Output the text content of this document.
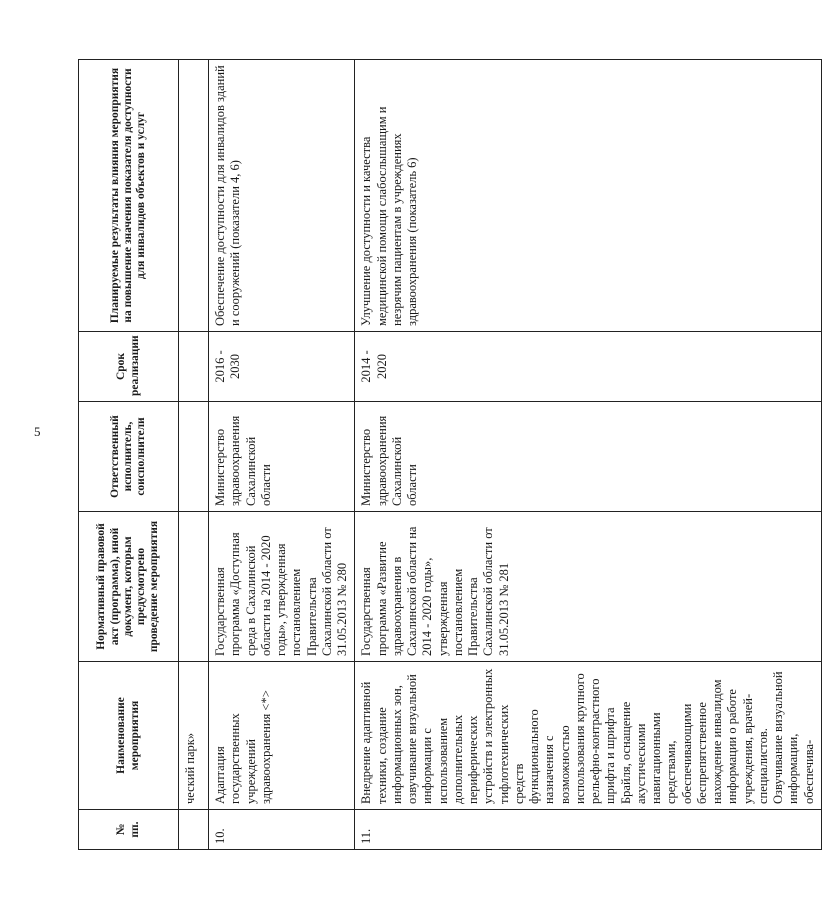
5
№ пп.	Наименование мероприятия	Нормативный правовой акт (программа), иной документ, которым предусмотрено проведение мероприятия	Ответственный исполнитель, соисполнители	Срок реализации	Планируемые результаты влияния мероприятия на повышение значения показателя доступности для инвалидов объектов и услуг
	ческий парк»				
10.	Адаптация государственных учреждений здравоохранения <*>	Государственная программа «Доступная среда в Сахалинской области на 2014 - 2020 годы», утвержденная постановлением Правительства Сахалинской области от 31.05.2013 № 280	Министерство здравоохранения Сахалинской области	2016 - 2030	Обеспечение доступности для инвалидов зданий и сооружений (показатели 4, 6)
11.	Внедрение адаптивной техники, создание информационных зон, озвучивание визуальной информации с использованием дополнительных периферических устройств и электронных тифлотехнических средств функционального назначения с возможностью использования крупного рельефно-контрастного шрифта и шрифта Брайля, оснащение акустическими навигационными средствами, обеспечивающими беспрепятственное нахождение инвалидом информации о работе учреждения, врачей-специалистов. Озвучивание визуальной информации, обеспечива-	Государственная программа «Развитие здравоохранения в Сахалинской области на 2014 - 2020 годы», утвержденная постановлением Правительства Сахалинской области от 31.05.2013 № 281	Министерство здравоохранения Сахалинской области	2014 - 2020	Улучшение доступности и качества медицинской помощи слабослышащим и незрячим пациентам в учреждениях здравоохранения (показатель 6)
